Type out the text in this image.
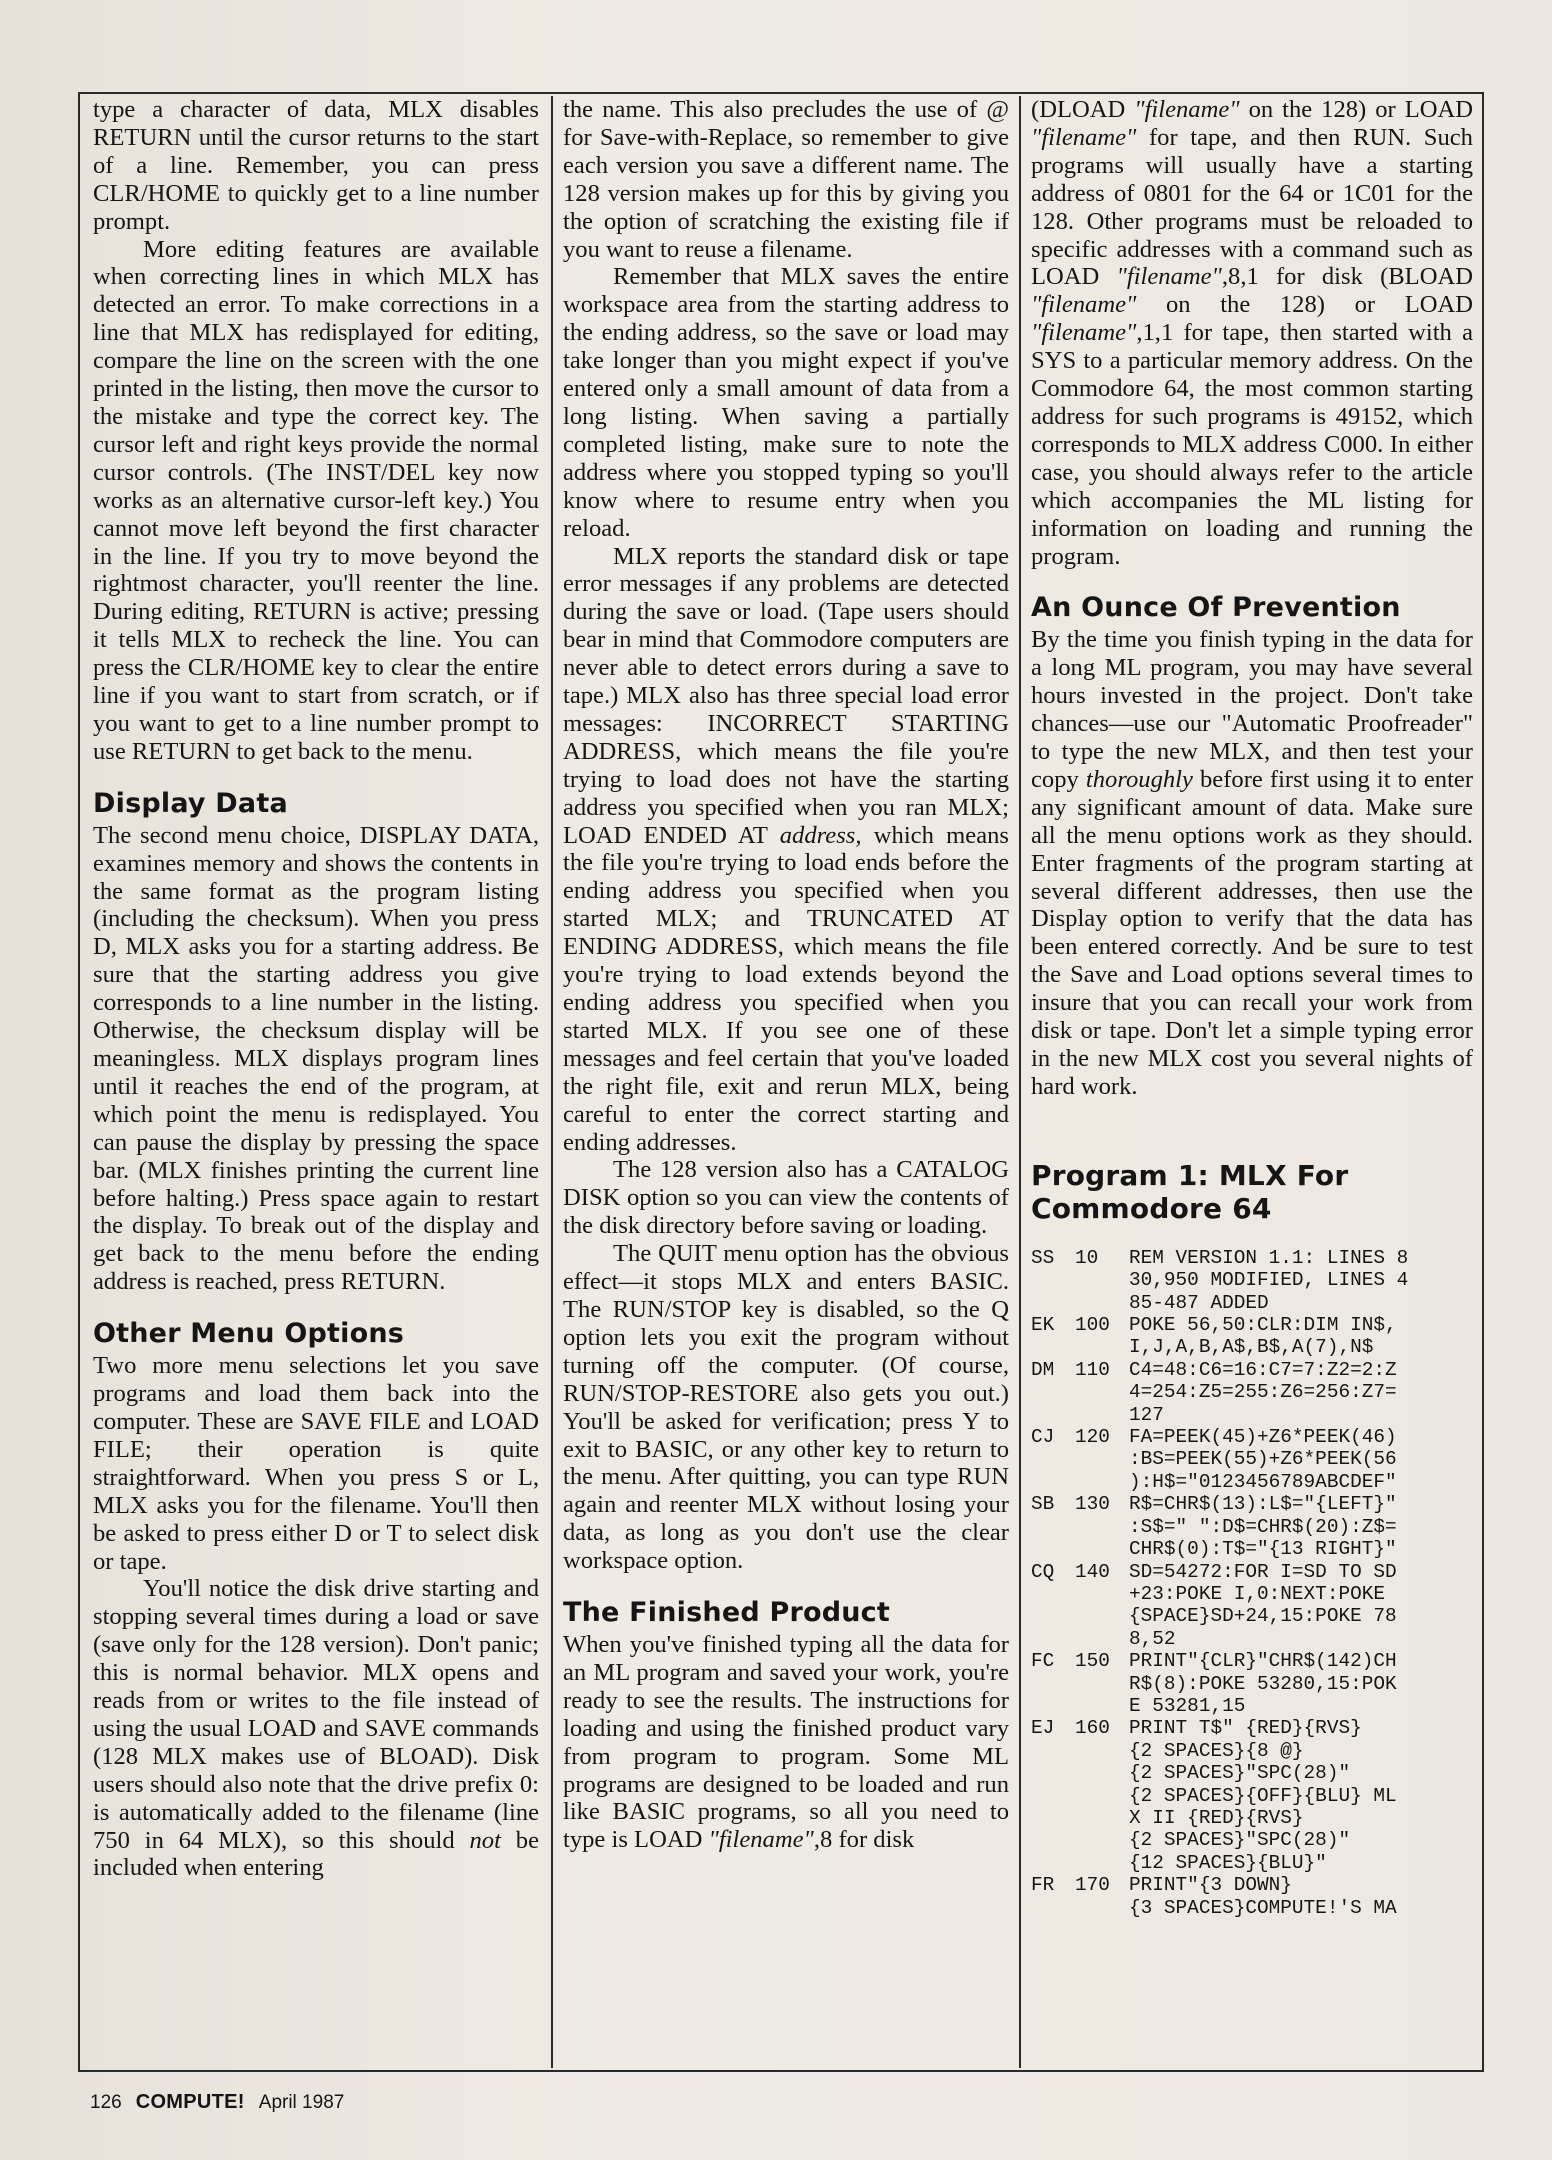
type a character of data, MLX disables RETURN until the cursor returns to the start of a line. Remember, you can press CLR/HOME to quickly get to a line number prompt.

More editing features are available when correcting lines in which MLX has detected an error. To make corrections in a line that MLX has redisplayed for editing, compare the line on the screen with the one printed in the listing, then move the cursor to the mistake and type the correct key. The cursor left and right keys provide the normal cursor controls. (The INST/DEL key now works as an alternative cursor-left key.) You cannot move left beyond the first character in the line. If you try to move beyond the rightmost character, you'll reenter the line. During editing, RETURN is active; pressing it tells MLX to recheck the line. You can press the CLR/HOME key to clear the entire line if you want to start from scratch, or if you want to get to a line number prompt to use RETURN to get back to the menu.

Display Data

The second menu choice, DISPLAY DATA, examines memory and shows the contents in the same format as the program listing (including the checksum). When you press D, MLX asks you for a starting address. Be sure that the starting address you give corresponds to a line number in the listing. Otherwise, the checksum display will be meaningless. MLX displays program lines until it reaches the end of the program, at which point the menu is redisplayed. You can pause the display by pressing the space bar. (MLX finishes printing the current line before halting.) Press space again to restart the display. To break out of the display and get back to the menu before the ending address is reached, press RETURN.

Other Menu Options

Two more menu selections let you save programs and load them back into the computer. These are SAVE FILE and LOAD FILE; their operation is quite straightforward. When you press S or L, MLX asks you for the filename. You'll then be asked to press either D or T to select disk or tape.

You'll notice the disk drive starting and stopping several times during a load or save (save only for the 128 version). Don't panic; this is normal behavior. MLX opens and reads from or writes to the file instead of using the usual LOAD and SAVE commands (128 MLX makes use of BLOAD). Disk users should also note that the drive prefix 0: is automatically added to the filename (line 750 in 64 MLX), so this should not be included when entering

the name. This also precludes the use of @ for Save-with-Replace, so remember to give each version you save a different name. The 128 version makes up for this by giving you the option of scratching the existing file if you want to reuse a filename.

Remember that MLX saves the entire workspace area from the starting address to the ending address, so the save or load may take longer than you might expect if you've entered only a small amount of data from a long listing. When saving a partially completed listing, make sure to note the address where you stopped typing so you'll know where to resume entry when you reload.

MLX reports the standard disk or tape error messages if any problems are detected during the save or load. (Tape users should bear in mind that Commodore computers are never able to detect errors during a save to tape.) MLX also has three special load error messages: INCORRECT STARTING ADDRESS, which means the file you're trying to load does not have the starting address you specified when you ran MLX; LOAD ENDED AT address, which means the file you're trying to load ends before the ending address you specified when you started MLX; and TRUNCATED AT ENDING ADDRESS, which means the file you're trying to load extends beyond the ending address you specified when you started MLX. If you see one of these messages and feel certain that you've loaded the right file, exit and rerun MLX, being careful to enter the correct starting and ending addresses.

The 128 version also has a CATALOG DISK option so you can view the contents of the disk directory before saving or loading.

The QUIT menu option has the obvious effect—it stops MLX and enters BASIC. The RUN/STOP key is disabled, so the Q option lets you exit the program without turning off the computer. (Of course, RUN/STOP-RESTORE also gets you out.) You'll be asked for verification; press Y to exit to BASIC, or any other key to return to the menu. After quitting, you can type RUN again and reenter MLX without losing your data, as long as you don't use the clear workspace option.

The Finished Product

When you've finished typing all the data for an ML program and saved your work, you're ready to see the results. The instructions for loading and using the finished product vary from program to program. Some ML programs are designed to be loaded and run like BASIC programs, so all you need to type is LOAD "filename",8 for disk

(DLOAD "filename" on the 128) or LOAD "filename" for tape, and then RUN. Such programs will usually have a starting address of 0801 for the 64 or 1C01 for the 128. Other programs must be reloaded to specific addresses with a command such as LOAD "filename",8,1 for disk (BLOAD "filename" on the 128) or LOAD "filename",1,1 for tape, then started with a SYS to a particular memory address. On the Commodore 64, the most common starting address for such programs is 49152, which corresponds to MLX address C000. In either case, you should always refer to the article which accompanies the ML listing for information on loading and running the program.

An Ounce Of Prevention

By the time you finish typing in the data for a long ML program, you may have several hours invested in the project. Don't take chances—use our "Automatic Proofreader" to type the new MLX, and then test your copy thoroughly before first using it to enter any significant amount of data. Make sure all the menu options work as they should. Enter fragments of the program starting at several different addresses, then use the Display option to verify that the data has been entered correctly. And be sure to test the Save and Load options several times to insure that you can recall your work from disk or tape. Don't let a simple typing error in the new MLX cost you several nights of hard work.

Program 1: MLX For Commodore 64
SS	10	REM VERSION 1.1: LINES 8
30,950 MODIFIED, LINES 4
85-487 ADDED
EK	100 POKE 56,50:CLR:DIM IN$,
I,J,A,B,A$,B$,A(7),N$
DM	110 C4=48:C6=16:C7=7:Z2=2:Z
4=254:Z5=255:Z6=256:Z7=
127
CJ	120 FA=PEEK(45)+Z6*PEEK(46)
:BS=PEEK(55)+Z6*PEEK(56
):H$="0123456789ABCDEF"
SB	130 R$=CHR$(13):L$="{LEFT}"
:S$=" ":D$=CHR$(20):Z$=
CHR$(0):T$="{13 RIGHT}"
CQ	140 SD=54272:FOR I=SD TO SD
+23:POKE I,0:NEXT:POKE
{SPACE}SD+24,15:POKE 78
8,52
FC	150 PRINT"{CLR}"CHR$(142)CH
R$(8):POKE 53280,15:POK
E 53281,15
EJ	160 PRINT T$" {RED}{RVS}
{2 SPACES}{8 @}
{2 SPACES}"SPC(28)"
{2 SPACES}{OFF}{BLU} ML
X II {RED}{RVS}
{2 SPACES}"SPC(28)"
{12 SPACES}{BLU}"
FR	170 PRINT"{3 DOWN}
{3 SPACES}COMPUTE!'S MA
126 COMPUTE! April 1987
